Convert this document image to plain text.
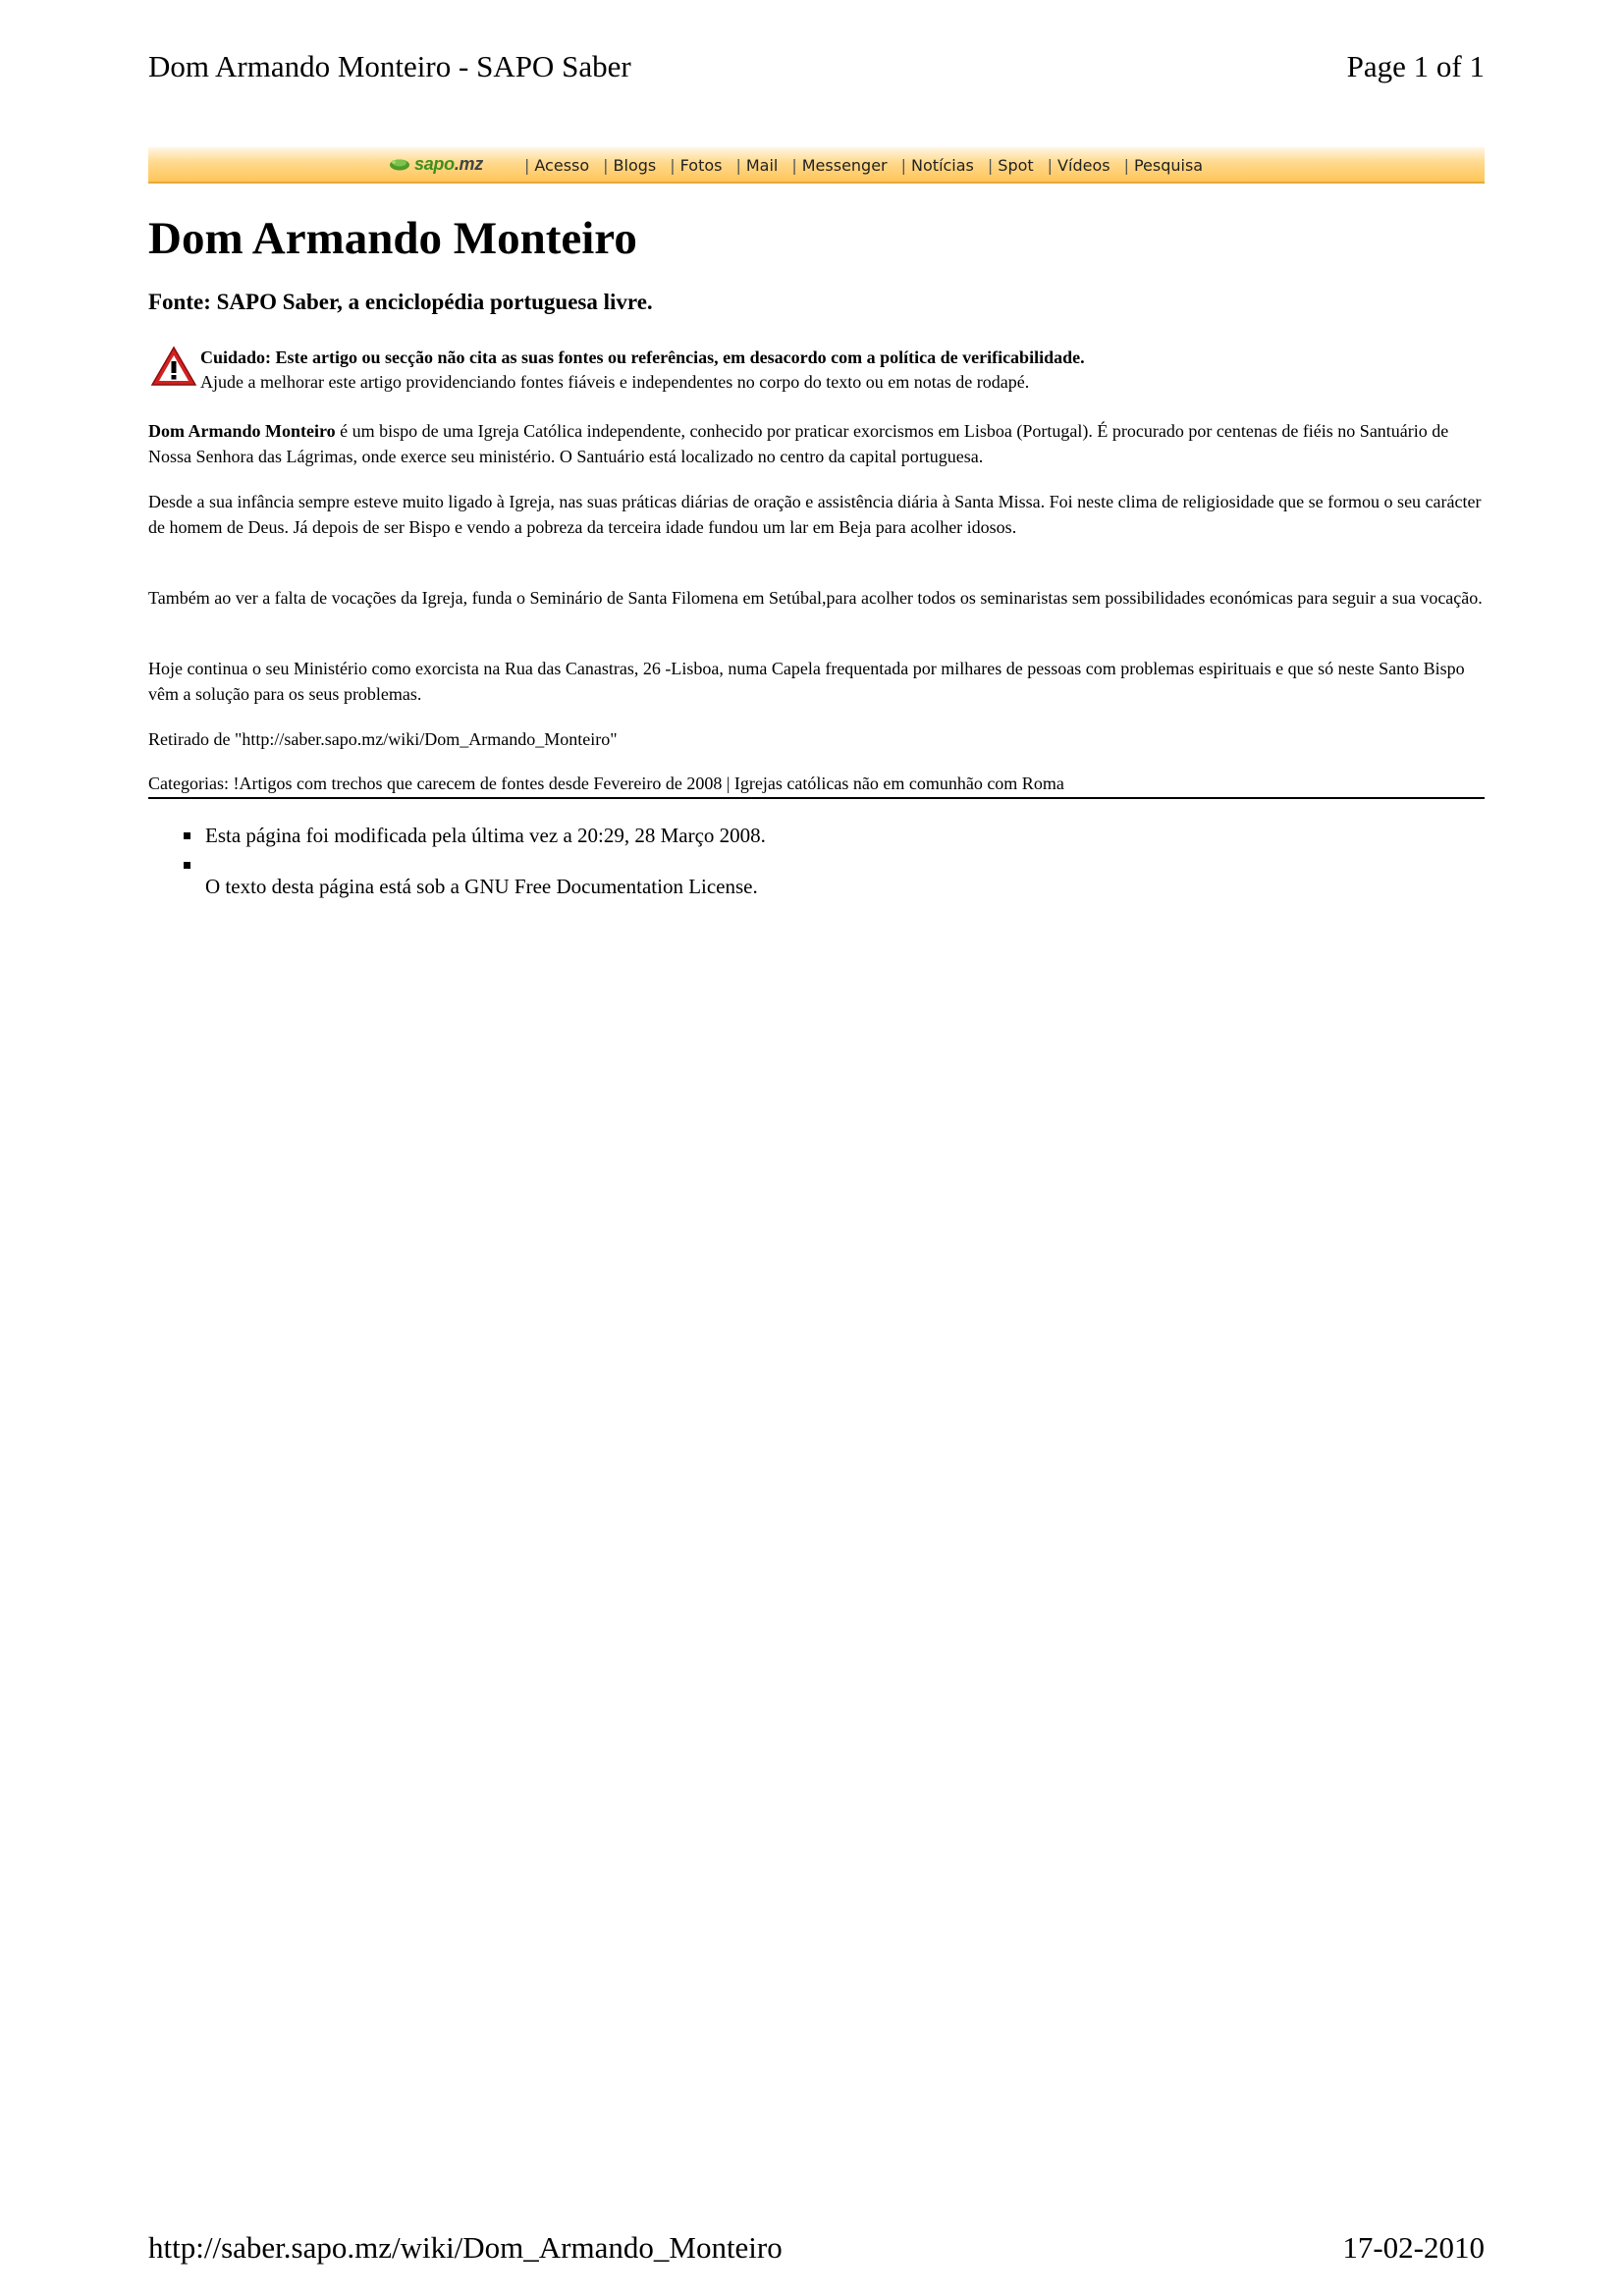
Dom Armando Monteiro - SAPO Saber	Page 1 of 1
sapo.mz	| Acesso | Blogs | Fotos | Mail | Messenger | Notícias | Spot | Vídeos | Pesquisa
Dom Armando Monteiro
Fonte: SAPO Saber, a enciclopédia portuguesa livre.
Cuidado: Este artigo ou secção não cita as suas fontes ou referências, em desacordo com a política de verificabilidade.
Ajude a melhorar este artigo providenciando fontes fiáveis e independentes no corpo do texto ou em notas de rodapé.
Dom Armando Monteiro é um bispo de uma Igreja Católica independente, conhecido por praticar exorcismos em Lisboa (Portugal). É procurado por centenas de fiéis no Santuário de Nossa Senhora das Lágrimas, onde exerce seu ministério. O Santuário está localizado no centro da capital portuguesa.
Desde a sua infância sempre esteve muito ligado à Igreja, nas suas práticas diárias de oração e assistência diária à Santa Missa. Foi neste clima de religiosidade que se formou o seu carácter de homem de Deus. Já depois de ser Bispo e vendo a pobreza da terceira idade fundou um lar em Beja para acolher idosos.
Também ao ver a falta de vocações da Igreja, funda o Seminário de Santa Filomena em Setúbal,para acolher todos os seminaristas sem possibilidades económicas para seguir a sua vocação.
Hoje continua o seu Ministério como exorcista na Rua das Canastras, 26 -Lisboa, numa Capela frequentada por milhares de pessoas com problemas espirituais e que só neste Santo Bispo vêm a solução para os seus problemas.
Retirado de "http://saber.sapo.mz/wiki/Dom_Armando_Monteiro"
Categorias: !Artigos com trechos que carecem de fontes desde Fevereiro de 2008 | Igrejas católicas não em comunhão com Roma
Esta página foi modificada pela última vez a 20:29, 28 Março 2008.
O texto desta página está sob a GNU Free Documentation License.
http://saber.sapo.mz/wiki/Dom_Armando_Monteiro	17-02-2010
